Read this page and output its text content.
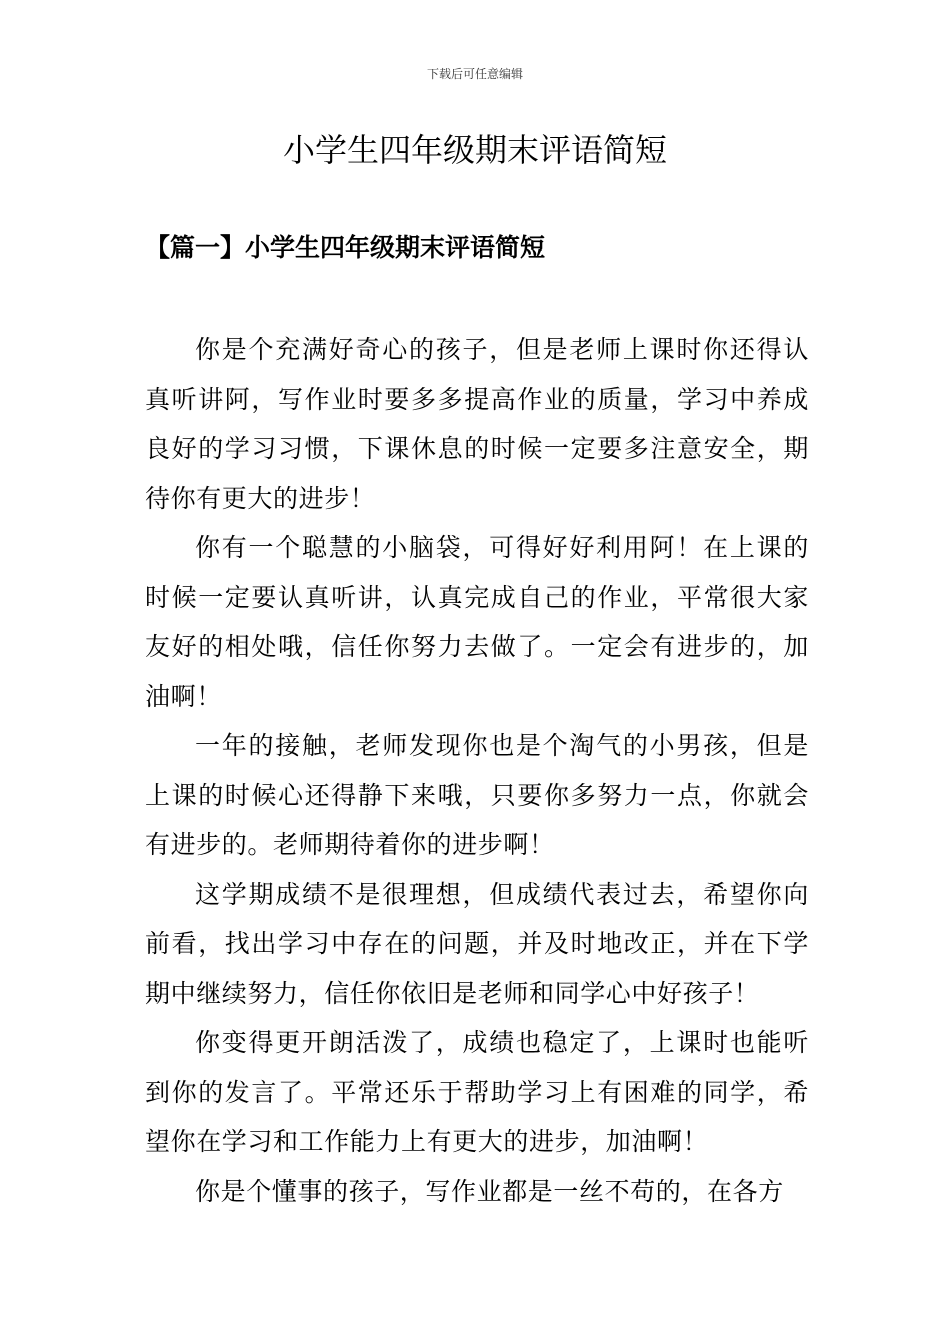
下载后可任意编辑
小学生四年级期末评语简短
【篇一】小学生四年级期末评语简短

你是个充满好奇心的孩子，但是老师上课时你还得认真听讲阿，写作业时要多多提高作业的质量，学习中养成良好的学习习惯，下课休息的时候一定要多注意安全，期待你有更大的进步！

你有一个聪慧的小脑袋，可得好好利用阿！在上课的时候一定要认真听讲，认真完成自己的作业，平常很大家友好的相处哦，信任你努力去做了。一定会有进步的，加油啊！

一年的接触，老师发现你也是个淘气的小男孩，但是上课的时候心还得静下来哦，只要你多努力一点，你就会有进步的。老师期待着你的进步啊！

这学期成绩不是很理想，但成绩代表过去，希望你向前看，找出学习中存在的问题，并及时地改正，并在下学期中继续努力，信任你依旧是老师和同学心中好孩子！

你变得更开朗活泼了，成绩也稳定了，上课时也能听到你的发言了。平常还乐于帮助学习上有困难的同学，希望你在学习和工作能力上有更大的进步，加油啊！

你是个懂事的孩子，写作业都是一丝不苟的，在各方
